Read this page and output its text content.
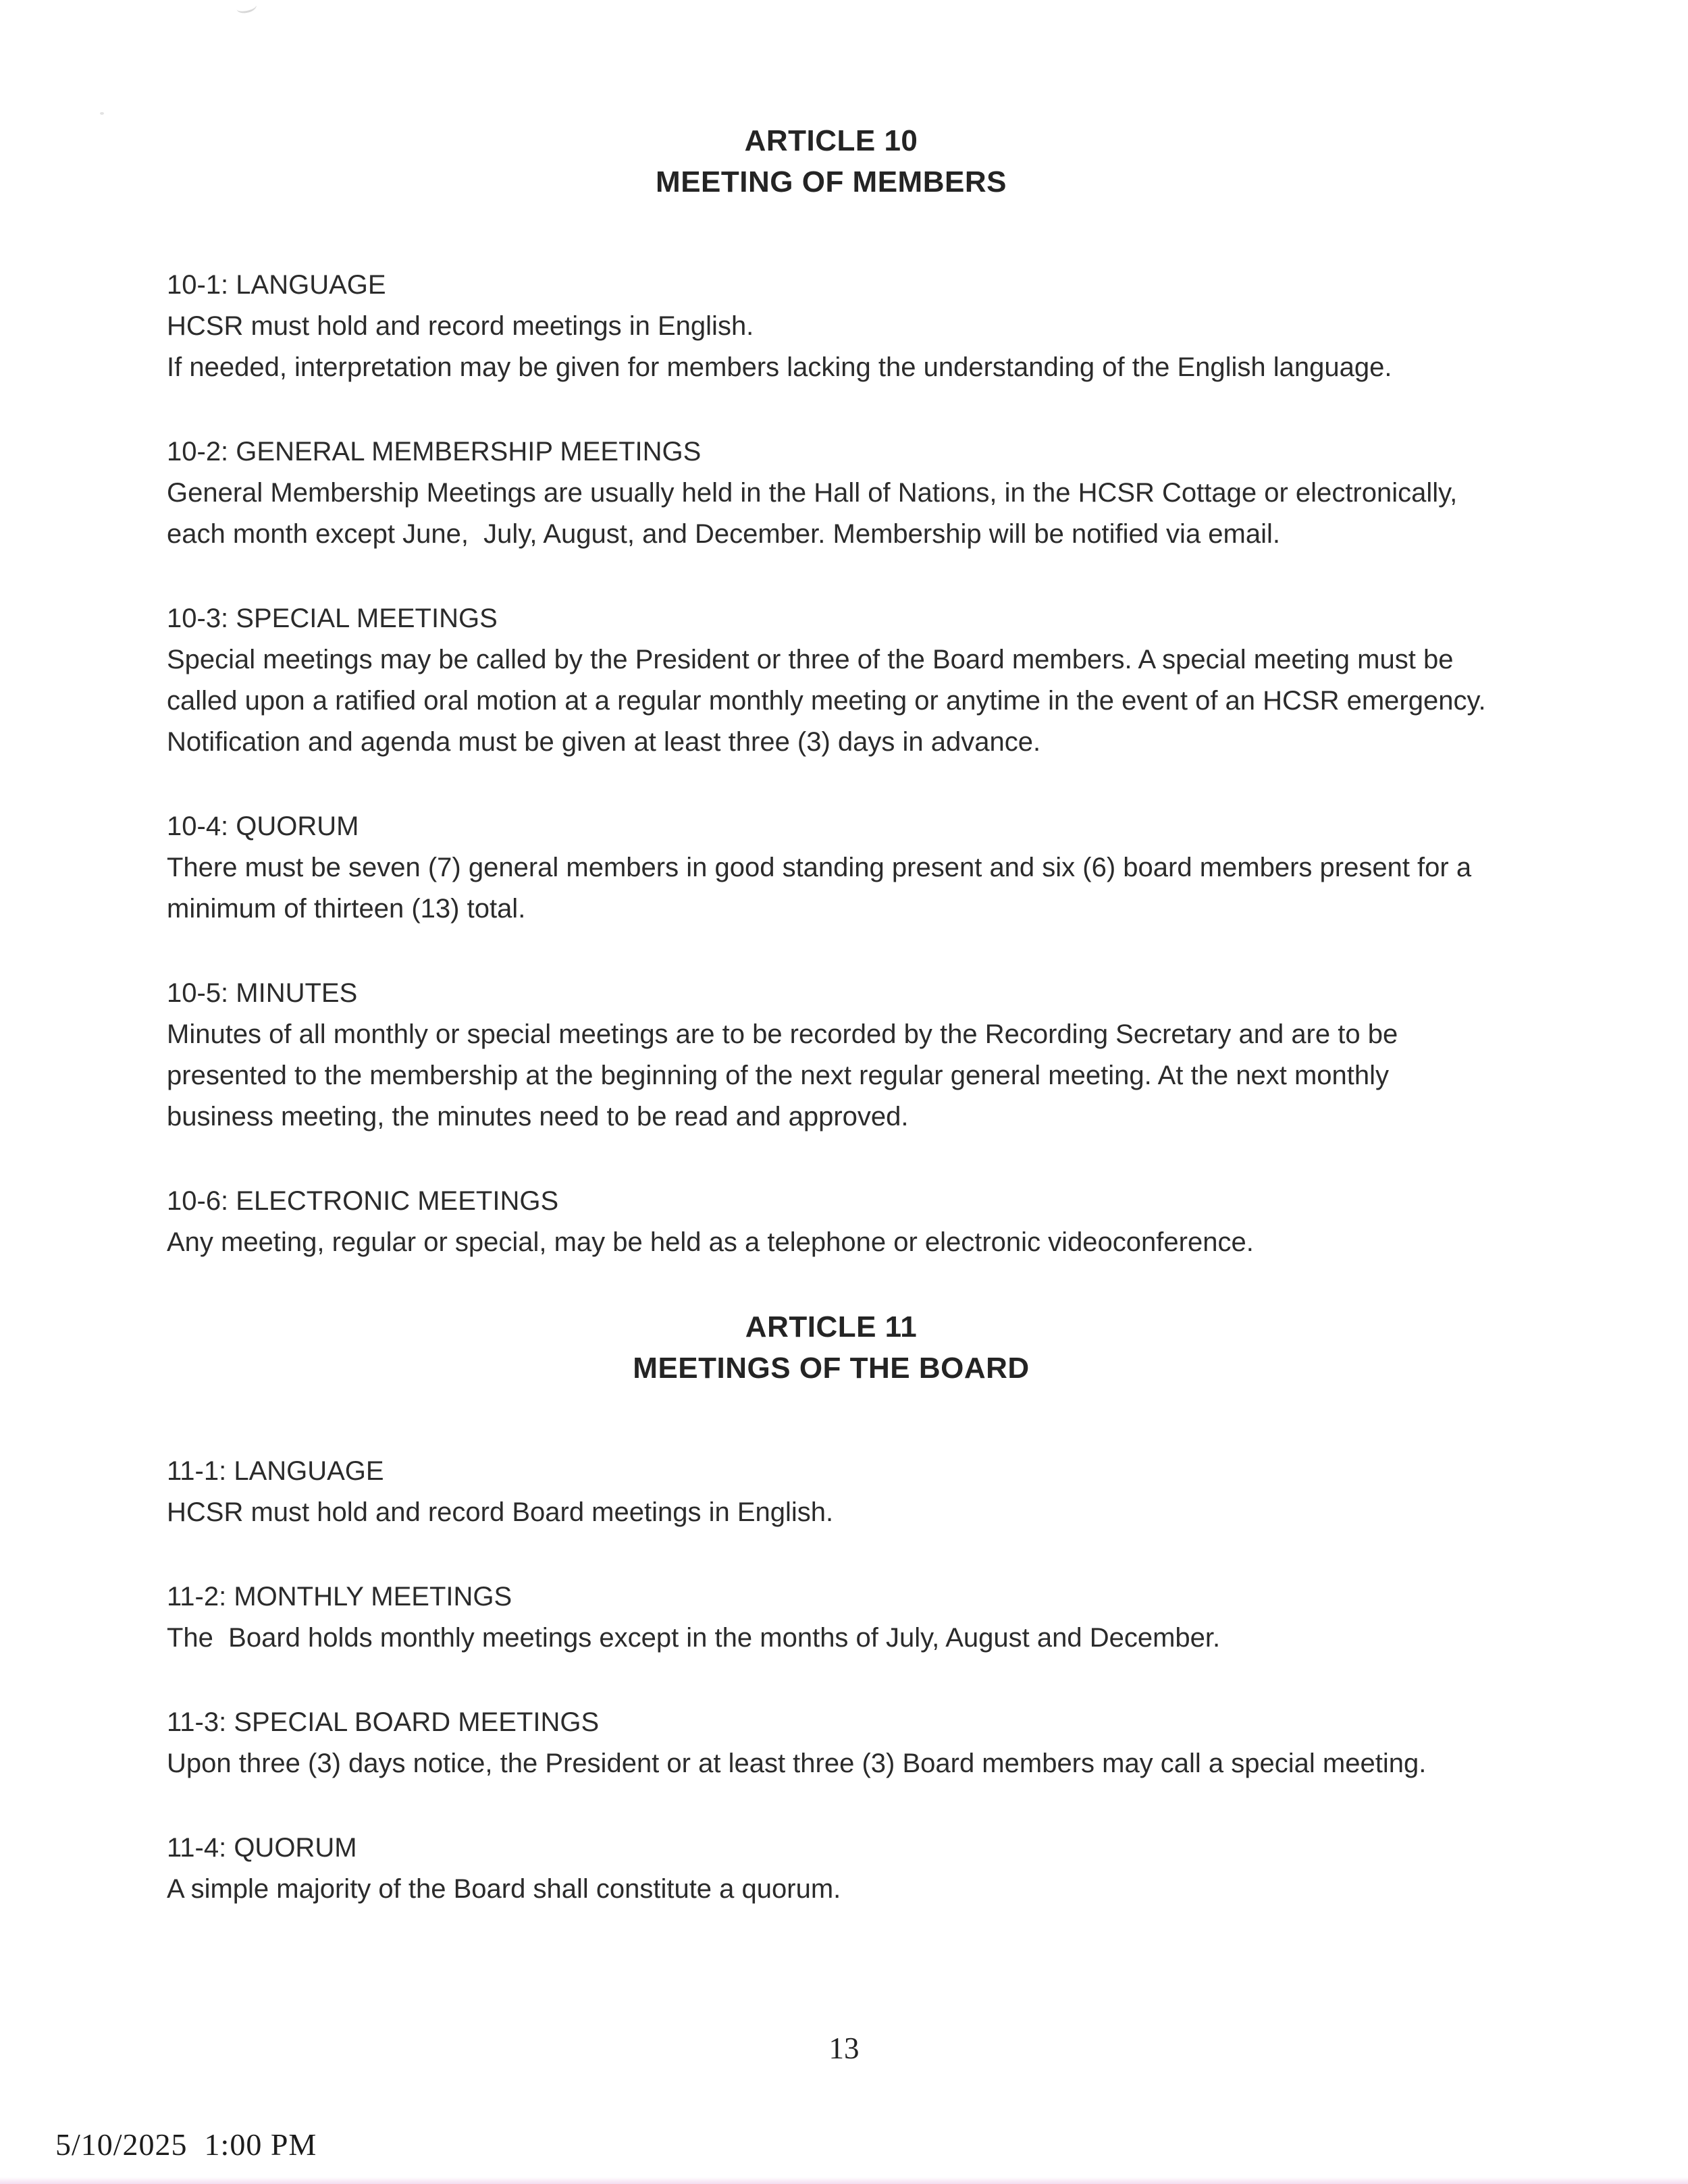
ARTICLE 10
MEETING OF MEMBERS
10-1: LANGUAGE

HCSR must hold and record meetings in English.

If needed, interpretation may be given for members lacking the understanding of the English language.

10-2: GENERAL MEMBERSHIP MEETINGS

General Membership Meetings are usually held in the Hall of Nations, in the HCSR Cottage or electronically, each month except June,  July, August, and December. Membership will be notified via email.

10-3: SPECIAL MEETINGS

Special meetings may be called by the President or three of the Board members. A special meeting must be called upon a ratified oral motion at a regular monthly meeting or anytime in the event of an HCSR emergency. Notification and agenda must be given at least three (3) days in advance.

10-4: QUORUM

There must be seven (7) general members in good standing present and six (6) board members present for a minimum of thirteen (13) total.

10-5: MINUTES

Minutes of all monthly or special meetings are to be recorded by the Recording Secretary and are to be presented to the membership at the beginning of the next regular general meeting. At the next monthly business meeting, the minutes need to be read and approved.

10-6: ELECTRONIC MEETINGS

Any meeting, regular or special, may be held as a telephone or electronic videoconference.

ARTICLE 11
MEETINGS OF THE BOARD
11-1: LANGUAGE

HCSR must hold and record Board meetings in English.

11-2: MONTHLY MEETINGS

The  Board holds monthly meetings except in the months of July, August and December.

11-3: SPECIAL BOARD MEETINGS

Upon three (3) days notice, the President or at least three (3) Board members may call a special meeting.

11-4: QUORUM

A simple majority of the Board shall constitute a quorum.

13
5/10/2025  1:00 PM
